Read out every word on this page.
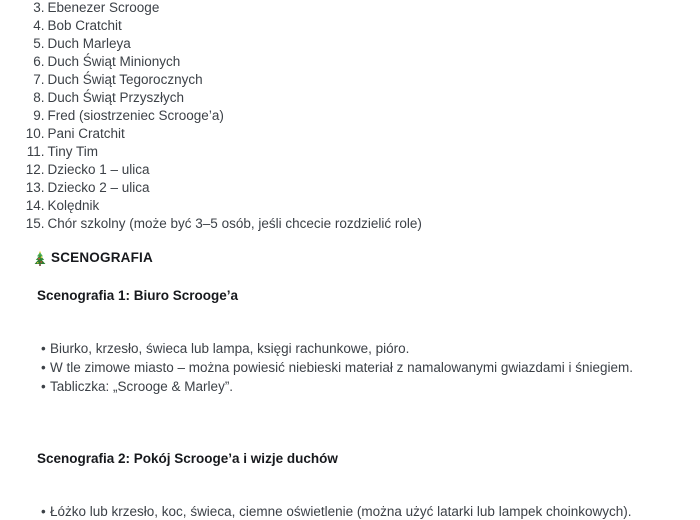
3. Ebenezer Scrooge
4. Bob Cratchit
5. Duch Marleya
6. Duch Świąt Minionych
7. Duch Świąt Tegorocznych
8. Duch Świąt Przyszłych
9. Fred (siostrzeniec Scrooge’a)
10. Pani Cratchit
11. Tiny Tim
12. Dziecko 1 – ulica
13. Dziecko 2 – ulica
14. Kolędnik
15. Chór szkolny (może być 3–5 osób, jeśli chcecie rozdzielić role)
SCENOGRAFIA
Scenografia 1: Biuro Scrooge’a
• Biurko, krzesło, świeca lub lampa, księgi rachunkowe, pióro.
• W tle zimowe miasto – można powiesić niebieski materiał z namalowanymi gwiazdami i śniegiem.
• Tabliczka: „Scrooge & Marley”.
Scenografia 2: Pokój Scrooge’a i wizje duchów
• Łóżko lub krzesło, koc, świeca, ciemne oświetlenie (można użyć latarki lub lampek choinkowych).
